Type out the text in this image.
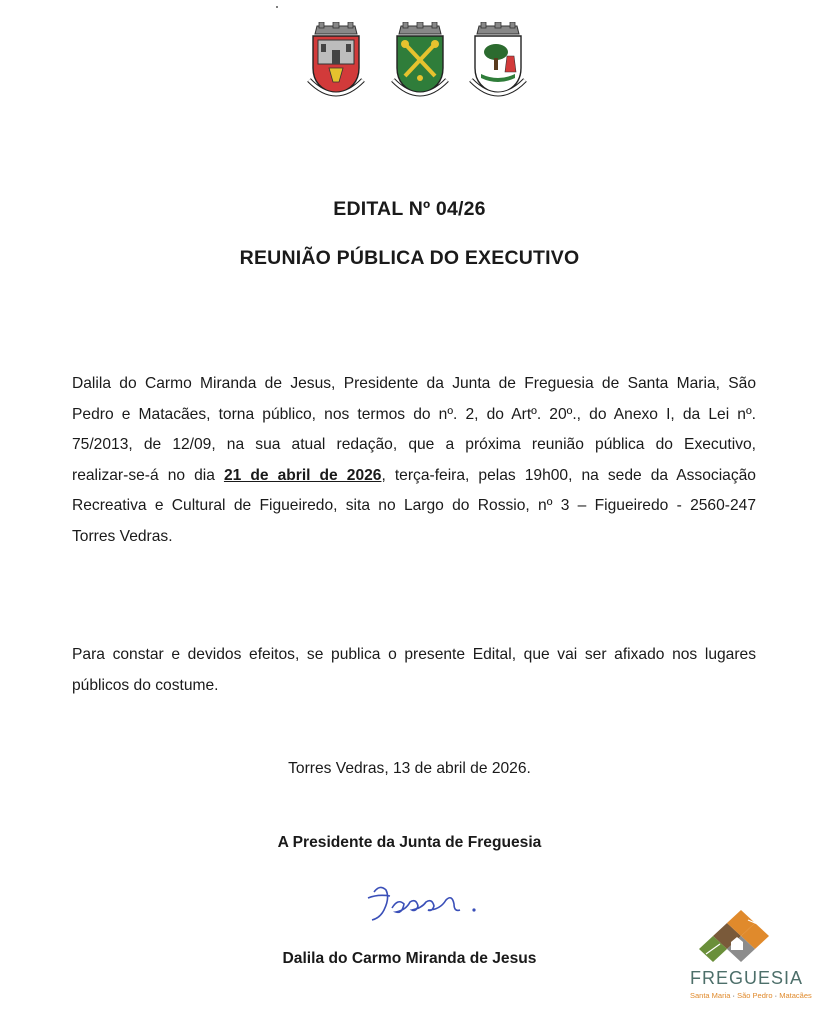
EDITAL Nº 04/26
REUNIÃO PÚBLICA DO EXECUTIVO
Dalila do Carmo Miranda de Jesus, Presidente da Junta de Freguesia de Santa Maria, São
Pedro e Matacães, torna público, nos termos do nº. 2, do Artº. 20º., do Anexo I, da Lei nº.
75/2013, de 12/09, na sua atual redação, que a próxima reunião pública do Executivo,
realizar-se-á no dia 21 de abril de 2026, terça-feira, pelas 19h00, na sede da Associação
Recreativa e Cultural de Figueiredo, sita no Largo do Rossio, nº 3 – Figueiredo - 2560-247
Torres Vedras.
Para constar e devidos efeitos, se publica o presente Edital, que vai ser afixado nos lugares
públicos do costume.

Torres Vedras, 13 de abril de 2026.

A Presidente da Junta de Freguesia

Dalila do Carmo Miranda de Jesus

FREGUESIA

Santa Maria · São Pedro · Matacães
